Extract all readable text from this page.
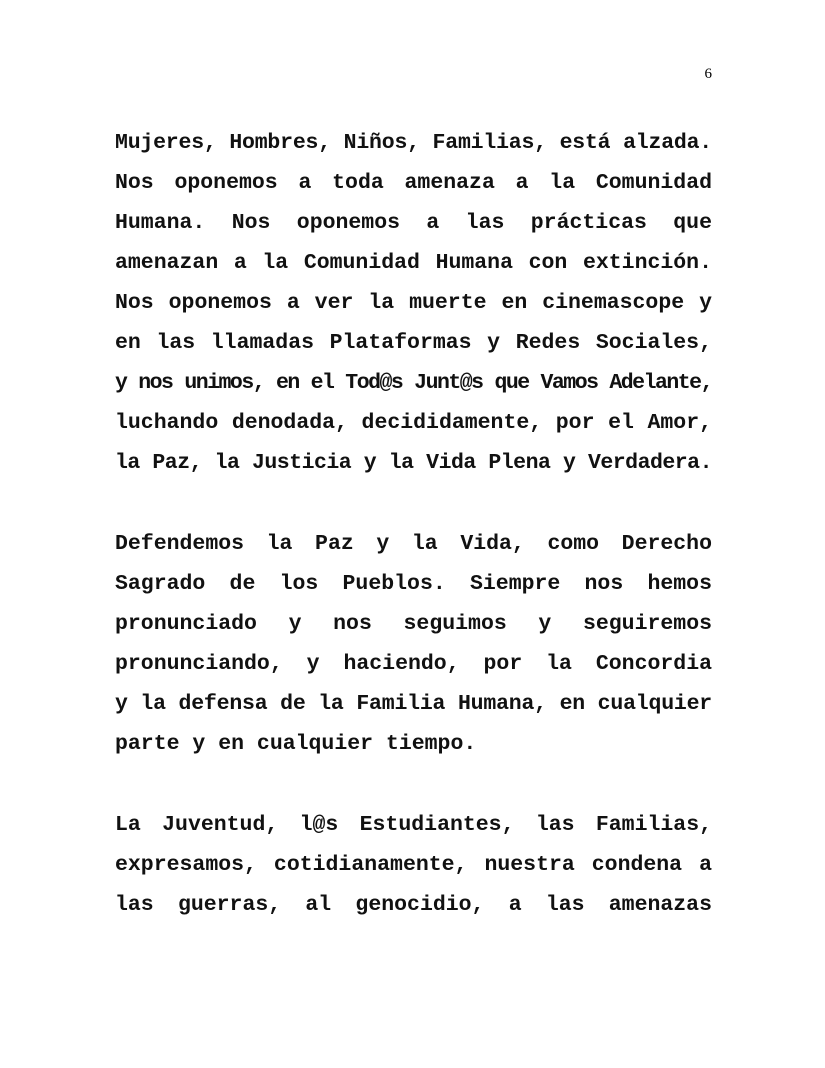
6
Mujeres, Hombres, Niños, Familias, está alzada.
Nos oponemos a toda amenaza a la Comunidad
Humana. Nos oponemos a las prácticas que
amenazan a la Comunidad Humana con extinción.
Nos oponemos a ver la muerte en cinemascope y
en las llamadas Plataformas y Redes Sociales,
y nos unimos, en el Tod@s Junt@s que Vamos Adelante,
luchando denodada, decididamente, por el Amor,
la Paz, la Justicia y la Vida Plena y Verdadera.
Defendemos la Paz y la Vida, como Derecho
Sagrado de los Pueblos. Siempre nos hemos
pronunciado y nos seguimos y seguiremos
pronunciando, y haciendo, por la Concordia
y la defensa de la Familia Humana, en cualquier
parte y en cualquier tiempo.
La Juventud, l@s Estudiantes, las Familias,
expresamos, cotidianamente, nuestra condena a
las guerras, al genocidio, a las amenazas
